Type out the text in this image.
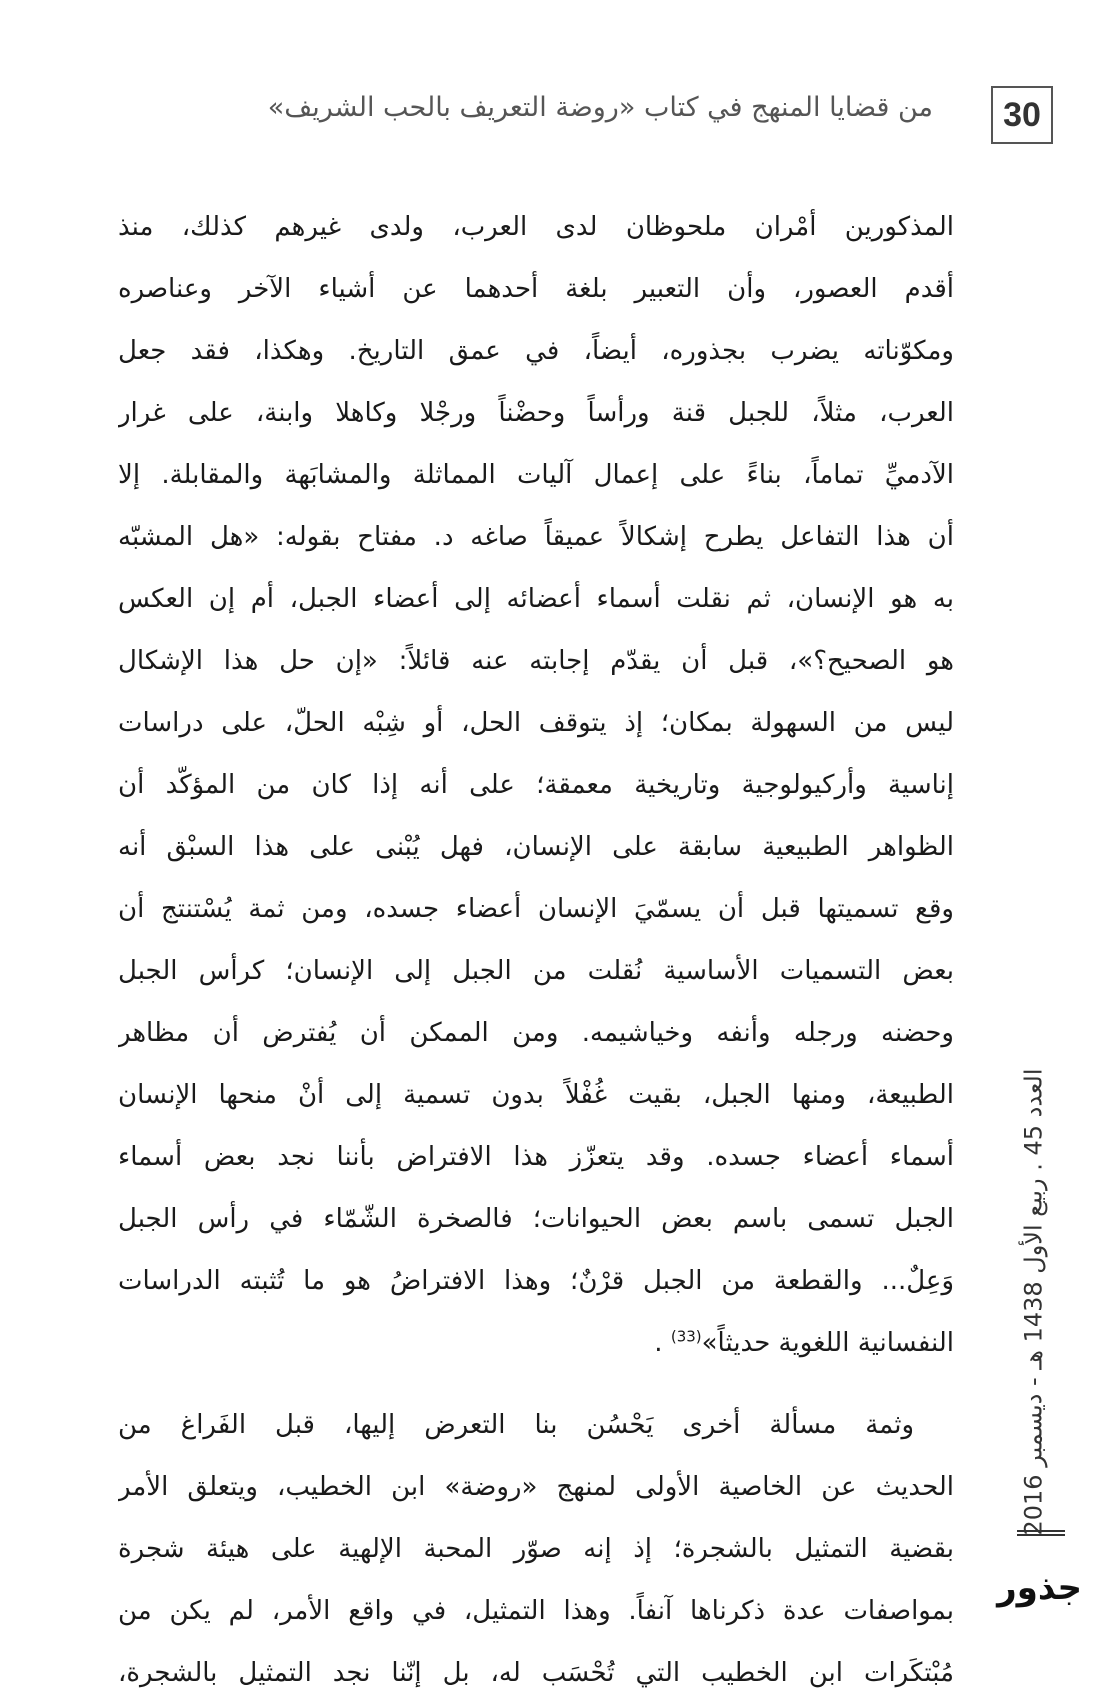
30
من قضايا المنهج في كتاب «روضة التعريف بالحب الشريف»
المذكورين أمْران ملحوظان لدى العرب، ولدى غيرهم كذلك، منذ
أقدم العصور، وأن التعبير بلغة أحدهما عن أشياء الآخر وعناصره
ومكوّناته يضرب بجذوره، أيضاً، في عمق التاريخ. وهكذا، فقد جعل
العرب، مثلاً، للجبل قنة ورأساً وحضْناً ورجْلا وكاهلا وابنة، على غرار
الآدميِّ تماماً، بناءً على إعمال آليات المماثلة والمشابَهة والمقابلة. إلا
أن هذا التفاعل يطرح إشكالاً عميقاً صاغه د. مفتاح بقوله: «هل المشبّه
به هو الإنسان، ثم نقلت أسماء أعضائه إلى أعضاء الجبل، أم إن العكس
هو الصحيح؟»، قبل أن يقدّم إجابته عنه قائلاً: «إن حل هذا الإشكال
ليس من السهولة بمكان؛ إذ يتوقف الحل، أو شِبْه الحلّ، على دراسات
إناسية وأركيولوجية وتاريخية معمقة؛ على أنه إذا كان من المؤكّد أن
الظواهر الطبيعية سابقة على الإنسان، فهل يُبْنى على هذا السبْق أنه
وقع تسميتها قبل أن يسمّيَ الإنسان أعضاء جسده، ومن ثمة يُسْتنتج أن
بعض التسميات الأساسية نُقلت من الجبل إلى الإنسان؛ كرأس الجبل
وحضنه ورجله وأنفه وخياشيمه. ومن الممكن أن يُفترض أن مظاهر
الطبيعة، ومنها الجبل، بقيت غُفْلاً بدون تسمية إلى أنْ منحها الإنسان
أسماء أعضاء جسده. وقد يتعزّز هذا الافتراض بأننا نجد بعض أسماء
الجبل تسمى باسم بعض الحيوانات؛ فالصخرة الشّمّاء في رأس الجبل
وَعِلٌ... والقطعة من الجبل قرْنٌ؛ وهذا الافتراضُ هو ما تُثبته الدراسات
النفسانية اللغوية حديثاً»$^{(33)}$ .
وثمة مسألة أخرى يَحْسُن بنا التعرض إليها، قبل الفَراغ من
الحديث عن الخاصية الأولى لمنهج «روضة» ابن الخطيب، ويتعلق الأمر
بقضية التمثيل بالشجرة؛ إذ إنه صوّر المحبة الإلهية على هيئة شجرة
بمواصفات عدة ذكرناها آنفاً. وهذا التمثيل، في واقع الأمر، لم يكن من
مُبْتكَرات ابن الخطيب التي تُحْسَب له، بل إنّنا نجد التمثيل بالشجرة،
العدد 45 . ربيع الأول 1438 هـ - ديسمبر 2016
جذور
